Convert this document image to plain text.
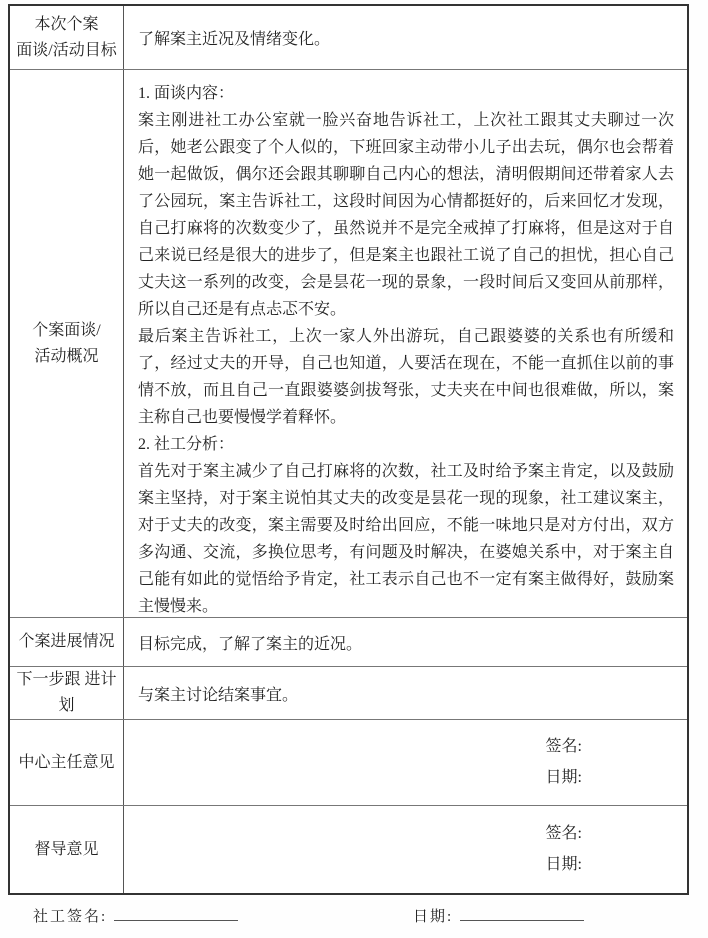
本次个案
面谈/活动目标
了解案主近况及情绪变化。
个案面谈/
活动概况

1. 面谈内容：

案主刚进社工办公室就一脸兴奋地告诉社工，上次社工跟其丈夫聊过一次后，她老公跟变了个人似的，下班回家主动带小儿子出去玩，偶尔也会帮着她一起做饭，偶尔还会跟其聊聊自己内心的想法，清明假期间还带着家人去了公园玩，案主告诉社工，这段时间因为心情都挺好的，后来回忆才发现，自己打麻将的次数变少了，虽然说并不是完全戒掉了打麻将，但是这对于自己来说已经是很大的进步了，但是案主也跟社工说了自己的担忧，担心自己丈夫这一系列的改变，会是昙花一现的景象，一段时间后又变回从前那样，所以自己还是有点忐忑不安。

最后案主告诉社工，上次一家人外出游玩，自己跟婆婆的关系也有所缓和了，经过丈夫的开导，自己也知道，人要活在现在，不能一直抓住以前的事情不放，而且自己一直跟婆婆剑拔弩张，丈夫夹在中间也很难做，所以，案主称自己也要慢慢学着释怀。

2. 社工分析：

首先对于案主减少了自己打麻将的次数，社工及时给予案主肯定，以及鼓励案主坚持，对于案主说怕其丈夫的改变是昙花一现的现象，社工建议案主，对于丈夫的改变，案主需要及时给出回应，不能一味地只是对方付出，双方多沟通、交流，多换位思考，有问题及时解决，在婆媳关系中，对于案主自己能有如此的觉悟给予肯定，社工表示自己也不一定有案主做得好，鼓励案主慢慢来。

个案进展情况 目标完成，了解了案主的近况。
下一步跟 进计划
与案主讨论结案事宜。
中心主任意见
签名:
日期:
督导意见
签名:
日期:
社工签名:	日期:
